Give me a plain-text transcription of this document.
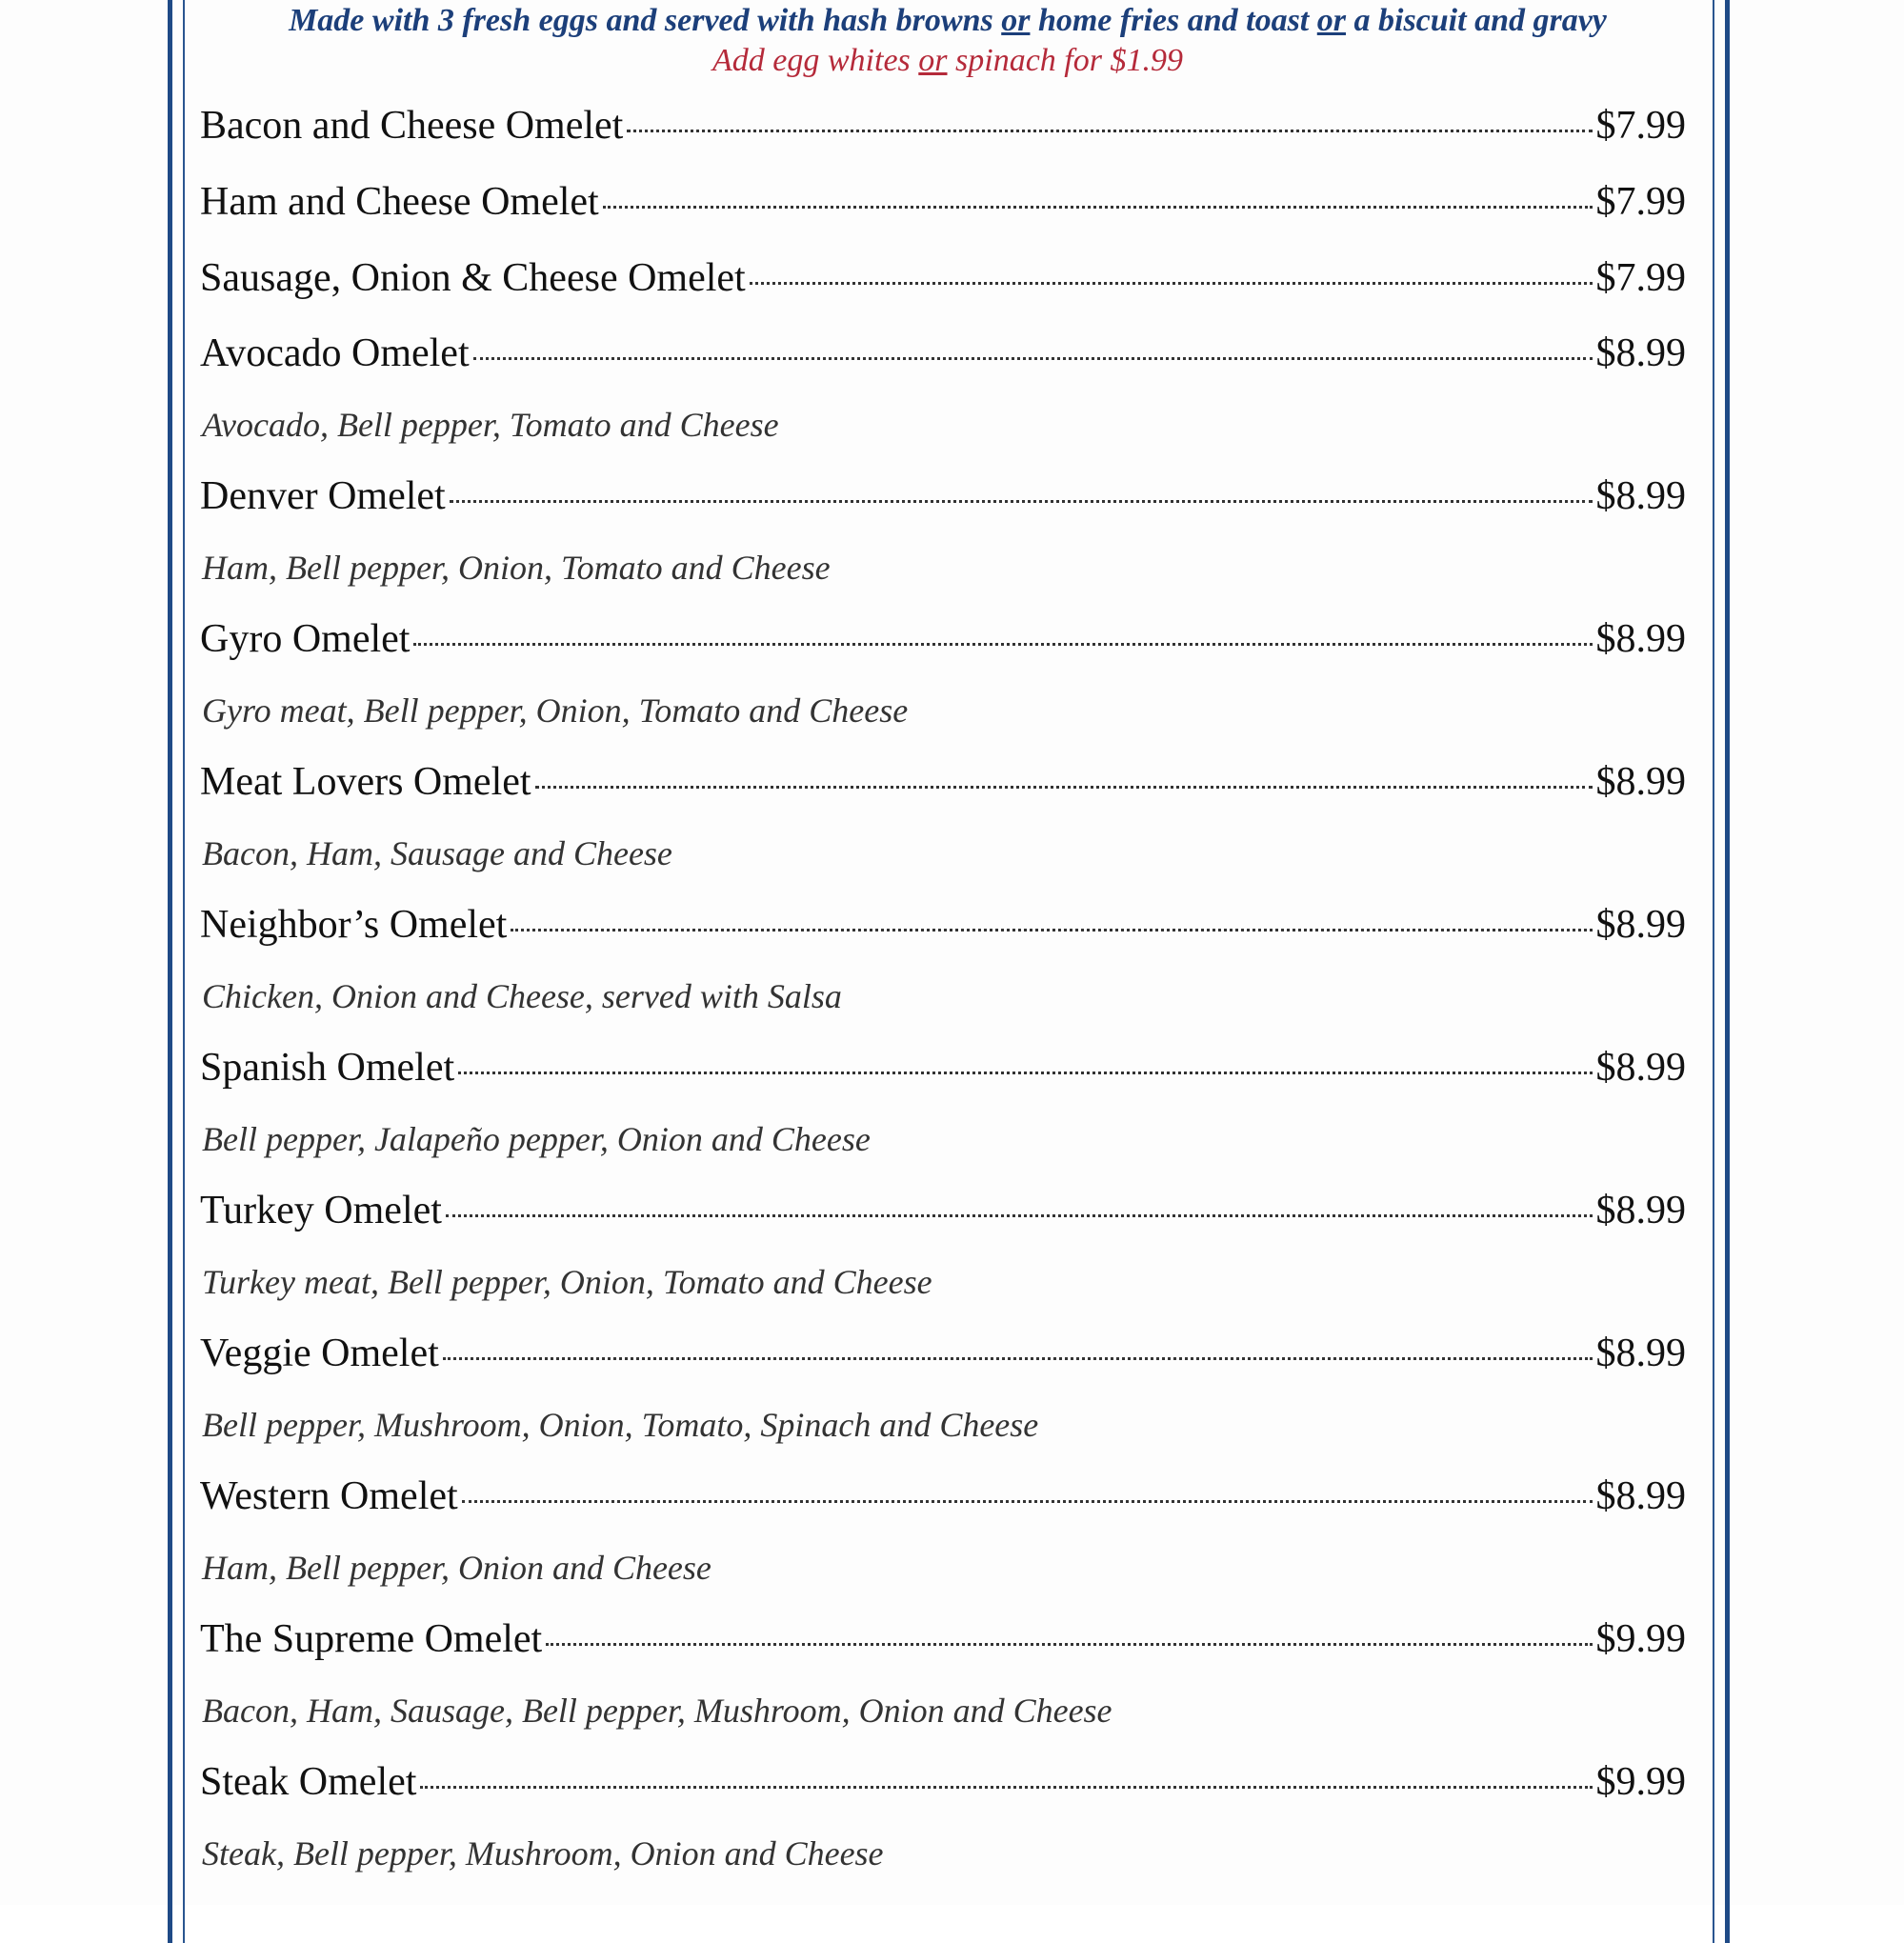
Made with 3 fresh eggs and served with hash browns or home fries and toast or a biscuit and gravy
Add egg whites or spinach for $1.99
Bacon and Cheese Omelet	$7.99
Ham and Cheese Omelet	$7.99
Sausage, Onion & Cheese Omelet	$7.99
Avocado Omelet	$8.99
Avocado, Bell pepper, Tomato and Cheese
Denver Omelet	$8.99
Ham, Bell pepper, Onion, Tomato and Cheese
Gyro Omelet	$8.99
Gyro meat, Bell pepper, Onion, Tomato and Cheese
Meat Lovers Omelet	$8.99
Bacon, Ham, Sausage and Cheese
Neighbor’s Omelet	$8.99
Chicken, Onion and Cheese, served with Salsa
Spanish Omelet	$8.99
Bell pepper, Jalapeño pepper, Onion and Cheese
Turkey Omelet	$8.99
Turkey meat, Bell pepper, Onion, Tomato and Cheese
Veggie Omelet	$8.99
Bell pepper, Mushroom, Onion, Tomato, Spinach and Cheese
Western Omelet	$8.99
Ham, Bell pepper, Onion and Cheese
The Supreme Omelet	$9.99
Bacon, Ham, Sausage, Bell pepper, Mushroom, Onion and Cheese
Steak Omelet	$9.99
Steak, Bell pepper, Mushroom, Onion and Cheese
